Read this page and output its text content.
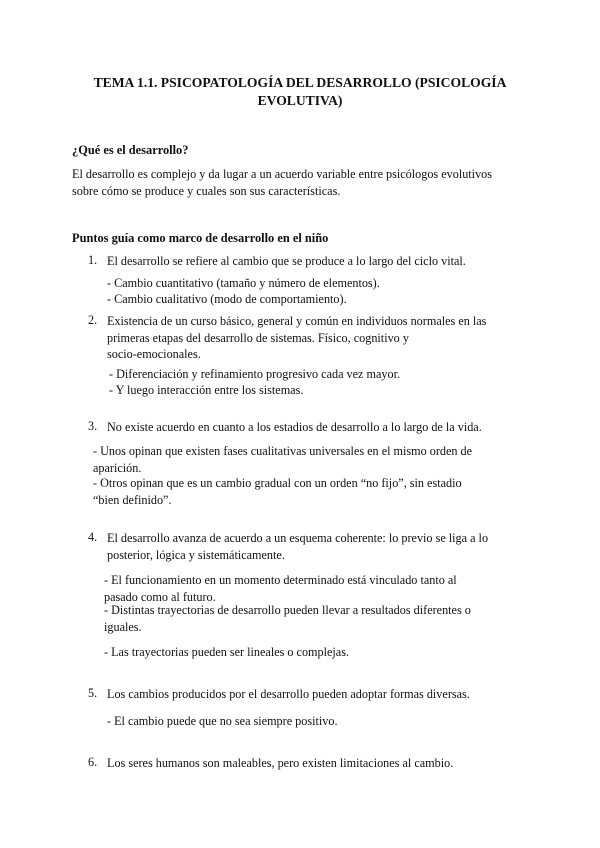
TEMA 1.1. PSICOPATOLOGÍA DEL DESARROLLO (PSICOLOGÍA
EVOLUTIVA)
¿Qué es el desarrollo?
El desarrollo es complejo y da lugar a un acuerdo variable entre psicólogos evolutivos
sobre cómo se produce y cuales son sus características.
Puntos guía como marco de desarrollo en el niño
1. El desarrollo se refiere al cambio que se produce a lo largo del ciclo vital.
- Cambio cuantitativo (tamaño y número de elementos).
- Cambio cualitativo (modo de comportamiento).
2. Existencia de un curso básico, general y común en individuos normales en las
primeras etapas del desarrollo de sistemas. Físico, cognitivo y
socio-emocionales.
- Diferenciación y refinamiento progresivo cada vez mayor.
- Y luego interacción entre los sistemas.
3. No existe acuerdo en cuanto a los estadios de desarrollo a lo largo de la vida.
- Unos opinan que existen fases cualitativas universales en el mismo orden de
aparición.
- Otros opinan que es un cambio gradual con un orden “no fijo”, sin estadio
“bien definido”.
4. El desarrollo avanza de acuerdo a un esquema coherente: lo previo se liga a lo
posterior, lógica y sistemáticamente.
- El funcionamiento en un momento determinado está vinculado tanto al
pasado como al futuro.
- Distintas trayectorias de desarrollo pueden llevar a resultados diferentes o
iguales.
- Las trayectorias pueden ser lineales o complejas.
5. Los cambios producidos por el desarrollo pueden adoptar formas diversas.
- El cambio puede que no sea siempre positivo.
6. Los seres humanos son maleables, pero existen limitaciones al cambio.
